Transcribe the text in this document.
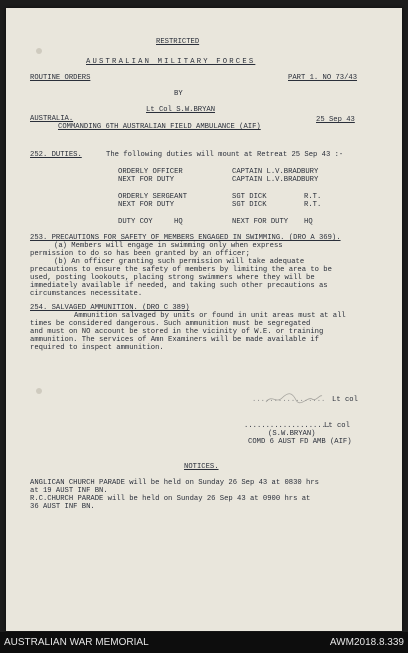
RESTRICTED
AUSTRALIAN MILITARY FORCES
ROUTINE ORDERS	PART 1. NO 73/43
BY
Lt Col S.W.BRYAN
AUSTRALIA.
COMMANDING 6TH AUSTRALIAN FIELD AMBULANCE (AIF)
25 Sep 43
252. DUTIES.	The following duties will mount at Retreat 25 Sep 43 :-
ORDERLY OFFICER	CAPTAIN L.V.BRADBURY
NEXT FOR DUTY	CAPTAIN L.V.BRADBURY
ORDERLY SERGEANT	SGT DICK	R.T.
NEXT FOR DUTY	SGT DICK	R.T.
DUTY COY	HQ	NEXT FOR DUTY HQ
253. PRECAUTIONS FOR SAFETY OF MEMBERS ENGAGED IN SWIMMING. (DRO A 369).
(a) Members will engage in swimming only when express
permission to do so has been granted by an officer;
(b) An officer granting such permission will take adequate
precautions to ensure the safety of members by limiting the area to be
used, posting lookouts, placing strong swimmers where they will be
immediately available if needed, and taking such other precautions as
circumstances necessitate.
254. SALVAGED AMMUNITION. (DRO C 389)
Ammunition salvaged by units or found in unit areas must at all
times be considered dangerous. Such ammunition must be segregated
and must on NO account be stored in the vicinity of W.E. or training
ammunition. The services of Amn Examiners will be made available if
required to inspect ammunition.
................. Lt col
....................
Lt col
(S.W.BRYAN)
COMD 6 AUST FD AMB (AIF)
NOTICES.
ANGLICAN CHURCH PARADE will be held on Sunday 26 Sep 43 at 0830 hrs
at 19 AUST INF BN.
R.C.CHURCH PARADE will be held on Sunday 26 Sep 43 at 0900 hrs at
36 AUST INF BN.
AUSTRALIAN WAR MEMORIAL	AWM2018.8.339
